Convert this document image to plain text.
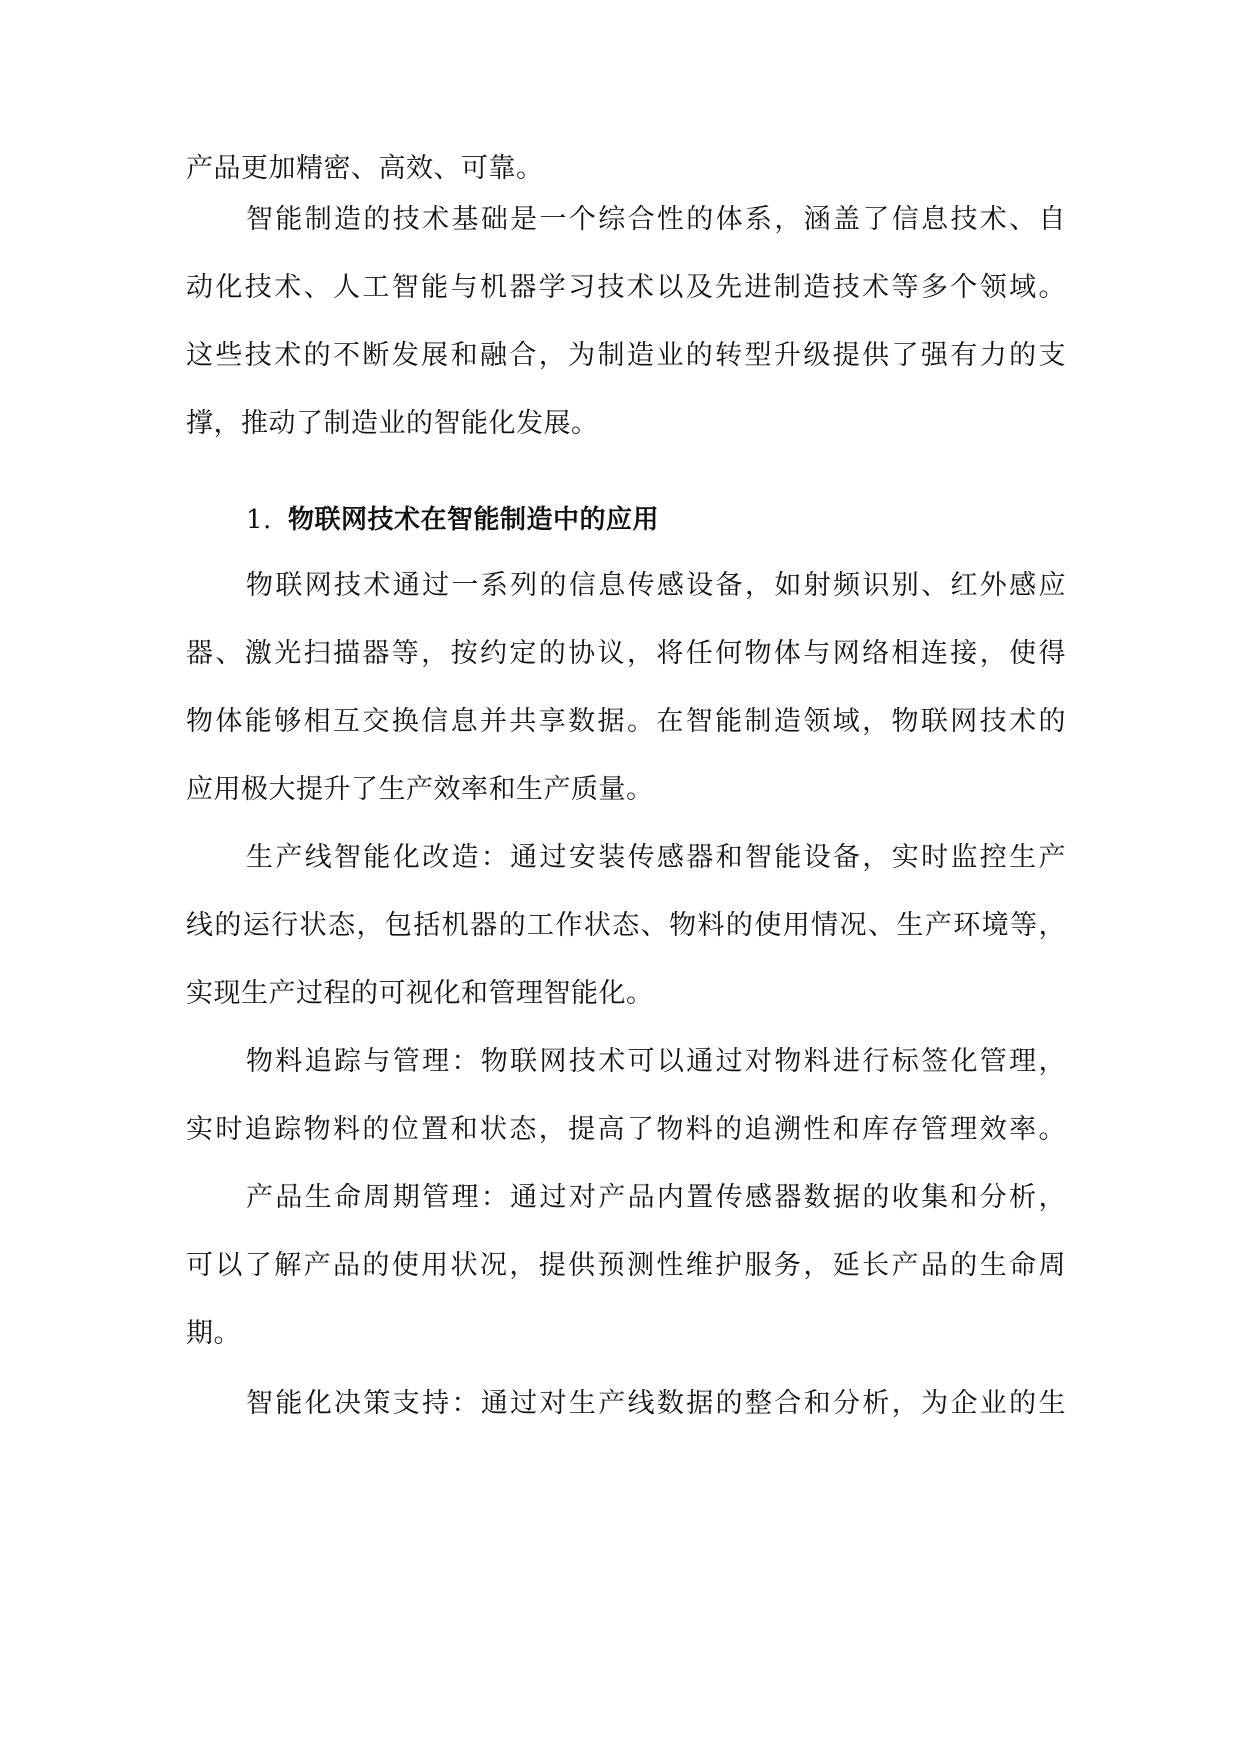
产品更加精密、高效、可靠。
智能制造的技术基础是一个综合性的体系，涵盖了信息技术、自
动化技术、人工智能与机器学习技术以及先进制造技术等多个领域。
这些技术的不断发展和融合，为制造业的转型升级提供了强有力的支
撑，推动了制造业的智能化发展。
1. 物联网技术在智能制造中的应用
物联网技术通过一系列的信息传感设备，如射频识别、红外感应
器、激光扫描器等，按约定的协议，将任何物体与网络相连接，使得
物体能够相互交换信息并共享数据。在智能制造领域，物联网技术的
应用极大提升了生产效率和生产质量。
生产线智能化改造：通过安装传感器和智能设备，实时监控生产
线的运行状态，包括机器的工作状态、物料的使用情况、生产环境等，
实现生产过程的可视化和管理智能化。
物料追踪与管理：物联网技术可以通过对物料进行标签化管理，
实时追踪物料的位置和状态，提高了物料的追溯性和库存管理效率。
产品生命周期管理：通过对产品内置传感器数据的收集和分析，
可以了解产品的使用状况，提供预测性维护服务，延长产品的生命周
期。
智能化决策支持：通过对生产线数据的整合和分析，为企业的生
